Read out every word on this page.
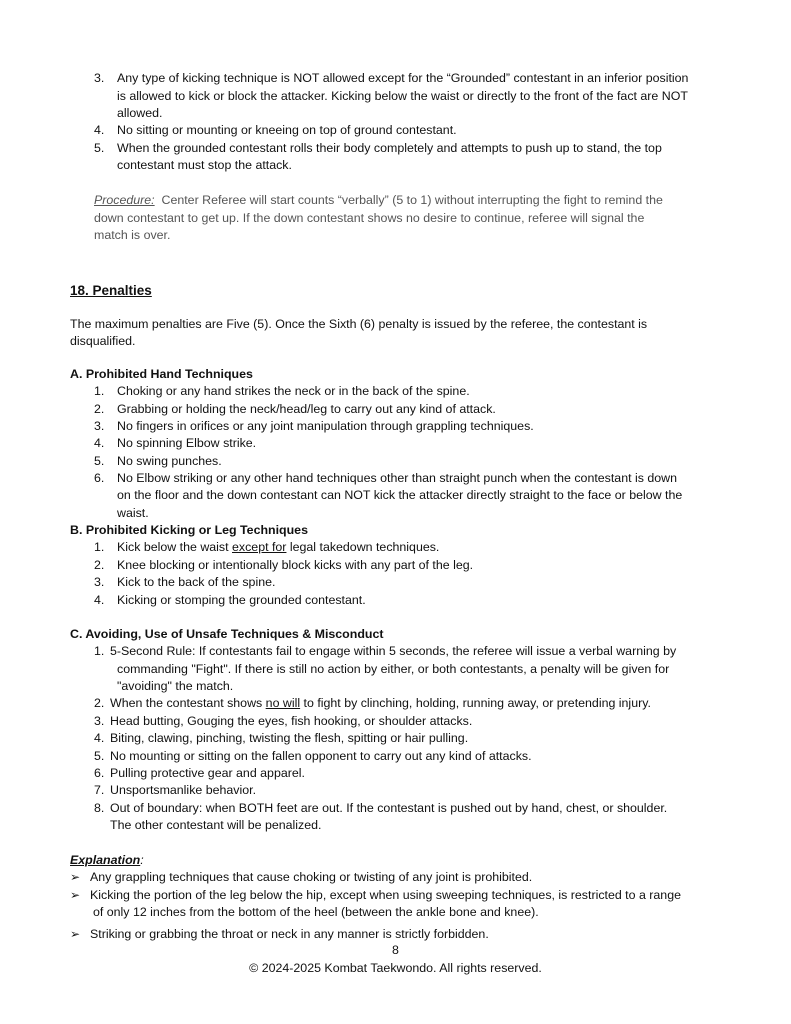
3. Any type of kicking technique is NOT allowed except for the “Grounded” contestant in an inferior position
is allowed to kick or block the attacker. Kicking below the waist or directly to the front of the fact are NOT
allowed.
4. No sitting or mounting or kneeing on top of ground contestant.
5. When the grounded contestant rolls their body completely and attempts to push up to stand, the top
contestant must stop the attack.
Procedure:  Center Referee will start counts “verbally” (5 to 1) without interrupting the fight to remind the
down contestant to get up. If the down contestant shows no desire to continue, referee will signal the
match is over.
18. Penalties
The maximum penalties are Five (5). Once the Sixth (6) penalty is issued by the referee, the contestant is
disqualified.
A. Prohibited Hand Techniques
1. Choking or any hand strikes the neck or in the back of the spine.
2. Grabbing or holding the neck/head/leg to carry out any kind of attack.
3. No fingers in orifices or any joint manipulation through grappling techniques.
4. No spinning Elbow strike.
5. No swing punches.
6. No Elbow striking or any other hand techniques other than straight punch when the contestant is down
on the floor and the down contestant can NOT kick the attacker directly straight to the face or below the
waist.
B. Prohibited Kicking or Leg Techniques
1. Kick below the waist except for legal takedown techniques.
2. Knee blocking or intentionally block kicks with any part of the leg.
3. Kick to the back of the spine.
4. Kicking or stomping the grounded contestant.
C. Avoiding, Use of Unsafe Techniques & Misconduct
1. 5-Second Rule: If contestants fail to engage within 5 seconds, the referee will issue a verbal warning by
commanding "Fight". If there is still no action by either, or both contestants, a penalty will be given for
"avoiding" the match.
2. When the contestant shows no will to fight by clinching, holding, running away, or pretending injury.
3. Head butting, Gouging the eyes, fish hooking, or shoulder attacks.
4. Biting, clawing, pinching, twisting the flesh, spitting or hair pulling.
5. No mounting or sitting on the fallen opponent to carry out any kind of attacks.
6. Pulling protective gear and apparel.
7. Unsportsmanlike behavior.
8. Out of boundary: when BOTH feet are out. If the contestant is pushed out by hand, chest, or shoulder.
The other contestant will be penalized.
Explanation:
➢ Any grappling techniques that cause choking or twisting of any joint is prohibited.
➢ Kicking the portion of the leg below the hip, except when using sweeping techniques, is restricted to a range
of only 12 inches from the bottom of the heel (between the ankle bone and knee).
➢ Striking or grabbing the throat or neck in any manner is strictly forbidden.
8
© 2024-2025 Kombat Taekwondo. All rights reserved.
